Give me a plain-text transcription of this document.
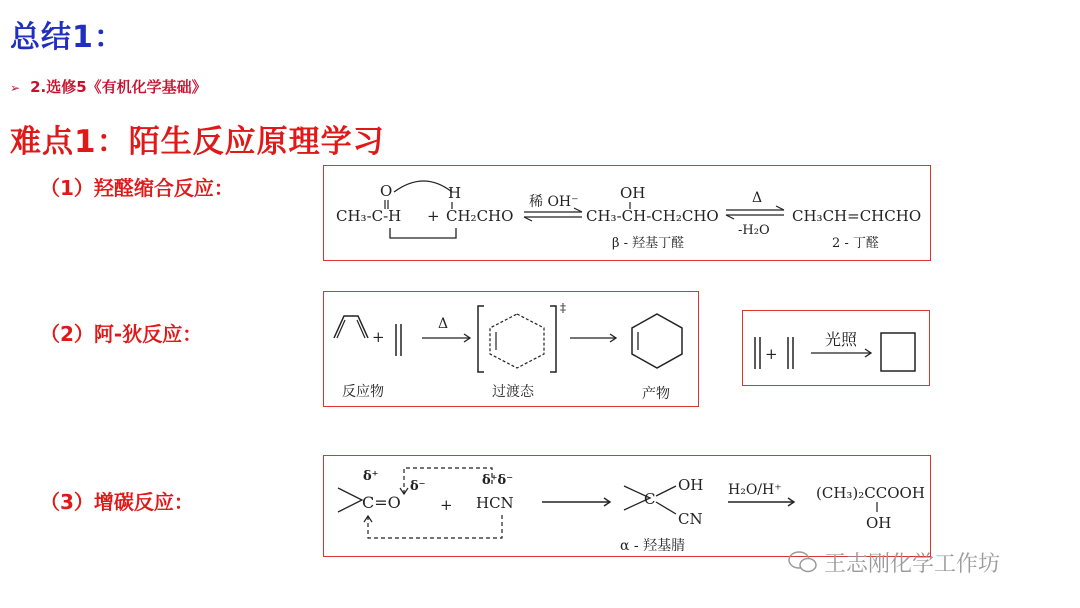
总结1：
➢ 2.选修5《有机化学基础》
难点1：陌生反应原理学习
（1）羟醛缩合反应：
CH₃-C-H
O
+
H
CH₂CHO
稀 OH⁻	OH
CH₃-CH-CH₂CHO
β - 羟基丁醛
Δ
-H₂O
CH₃CH=CHCHO
2 - 丁醛
（2）阿-狄反应：	+
Δ
‡
反应物	过渡态	产物
+
光照
（3）增碳反应：
δ⁺
C=O
δ⁻
+
δ⁺δ⁻
HCN	C
OH
CN
α - 羟基腈
H₂O/H⁺ (CH₃)₂CCOOH
OH
王志刚化学工作坊
